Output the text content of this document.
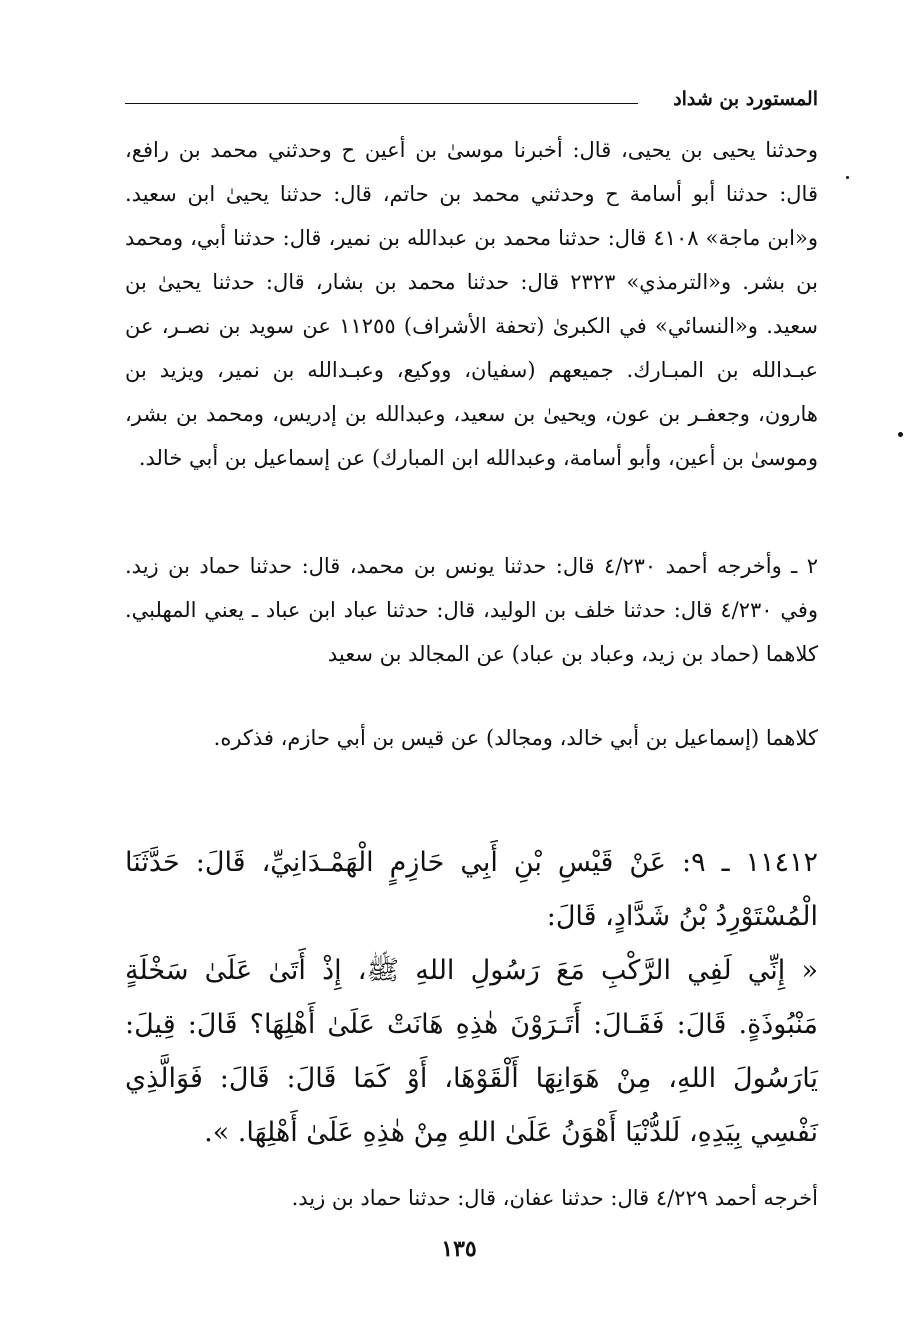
المستورد بن شداد

وحدثنا يحيى بن يحيى، قال: أخبرنا موسىٰ بن أعين ح وحدثني محمد بن رافع، قال: حدثنا أبو أسامة ح وحدثني محمد بن حاتم، قال: حدثنا يحيىٰ ابن سعيد. و«ابن ماجة» ٤١٠٨ قال: حدثنا محمد بن عبدالله بن نمير، قال: حدثنا أبي، ومحمد بن بشر. و«الترمذي» ٢٣٢٣ قال: حدثنا محمد بن بشار، قال: حدثنا يحيىٰ بن سعيد. و«النسائي» في الكبرىٰ (تحفة الأشراف) ١١٢٥٥ عن سويد بن نصـر، عن عبـدالله بن المبـارك. جميعهم (سفيان، ووكيع، وعبـدالله بن نمير، ويزيد بن هارون، وجعفـر بن عون، ويحيىٰ بن سعيد، وعبدالله بن إدريس، ومحمد بن بشر، وموسىٰ بن أعين، وأبو أسامة، وعبدالله ابن المبارك) عن إسماعيل بن أبي خالد.

٢ ـ وأخرجه أحمد ٤/٢٣٠ قال: حدثنا يونس بن محمد، قال: حدثنا حماد بن زيد. وفي ٤/٢٣٠ قال: حدثنا خلف بن الوليد، قال: حدثنا عباد ابن عباد ـ يعني المهلبي. كلاهما (حماد بن زيد، وعباد بن عباد) عن المجالد بن سعيد

كلاهما (إسماعيل بن أبي خالد، ومجالد) عن قيس بن أبي حازم، فذكره.

١١٤١٢ ـ ٩: عَنْ قَيْسِ بْنِ أَبِي حَازِمٍ الْهَمْـدَانِيِّ، قَالَ: حَدَّثَنَا الْمُسْتَوْرِدُ بْنُ شَدَّادٍ، قَالَ:

« إِنِّي لَفِي الرَّكْبِ مَعَ رَسُولِ اللهِ ﷺ، إِذْ أَتَىٰ عَلَىٰ سَخْلَةٍ مَنْبُوذَةٍ. قَالَ: فَقَـالَ: أَتَـرَوْنَ هٰذِهِ هَانَتْ عَلَىٰ أَهْلِهَا؟ قَالَ: قِيلَ: يَارَسُولَ اللهِ، مِنْ هَوَانِهَا أَلْقَوْهَا، أَوْ كَمَا قَالَ: قَالَ: فَوَالَّذِي نَفْسِي بِيَدِهِ، لَلدُّنْيَا أَهْوَنُ عَلَىٰ اللهِ مِنْ هٰذِهِ عَلَىٰ أَهْلِهَا. ».

أخرجه أحمد ٤/٢٢٩ قال: حدثنا عفان، قال: حدثنا حماد بن زيد.

١٣٥
